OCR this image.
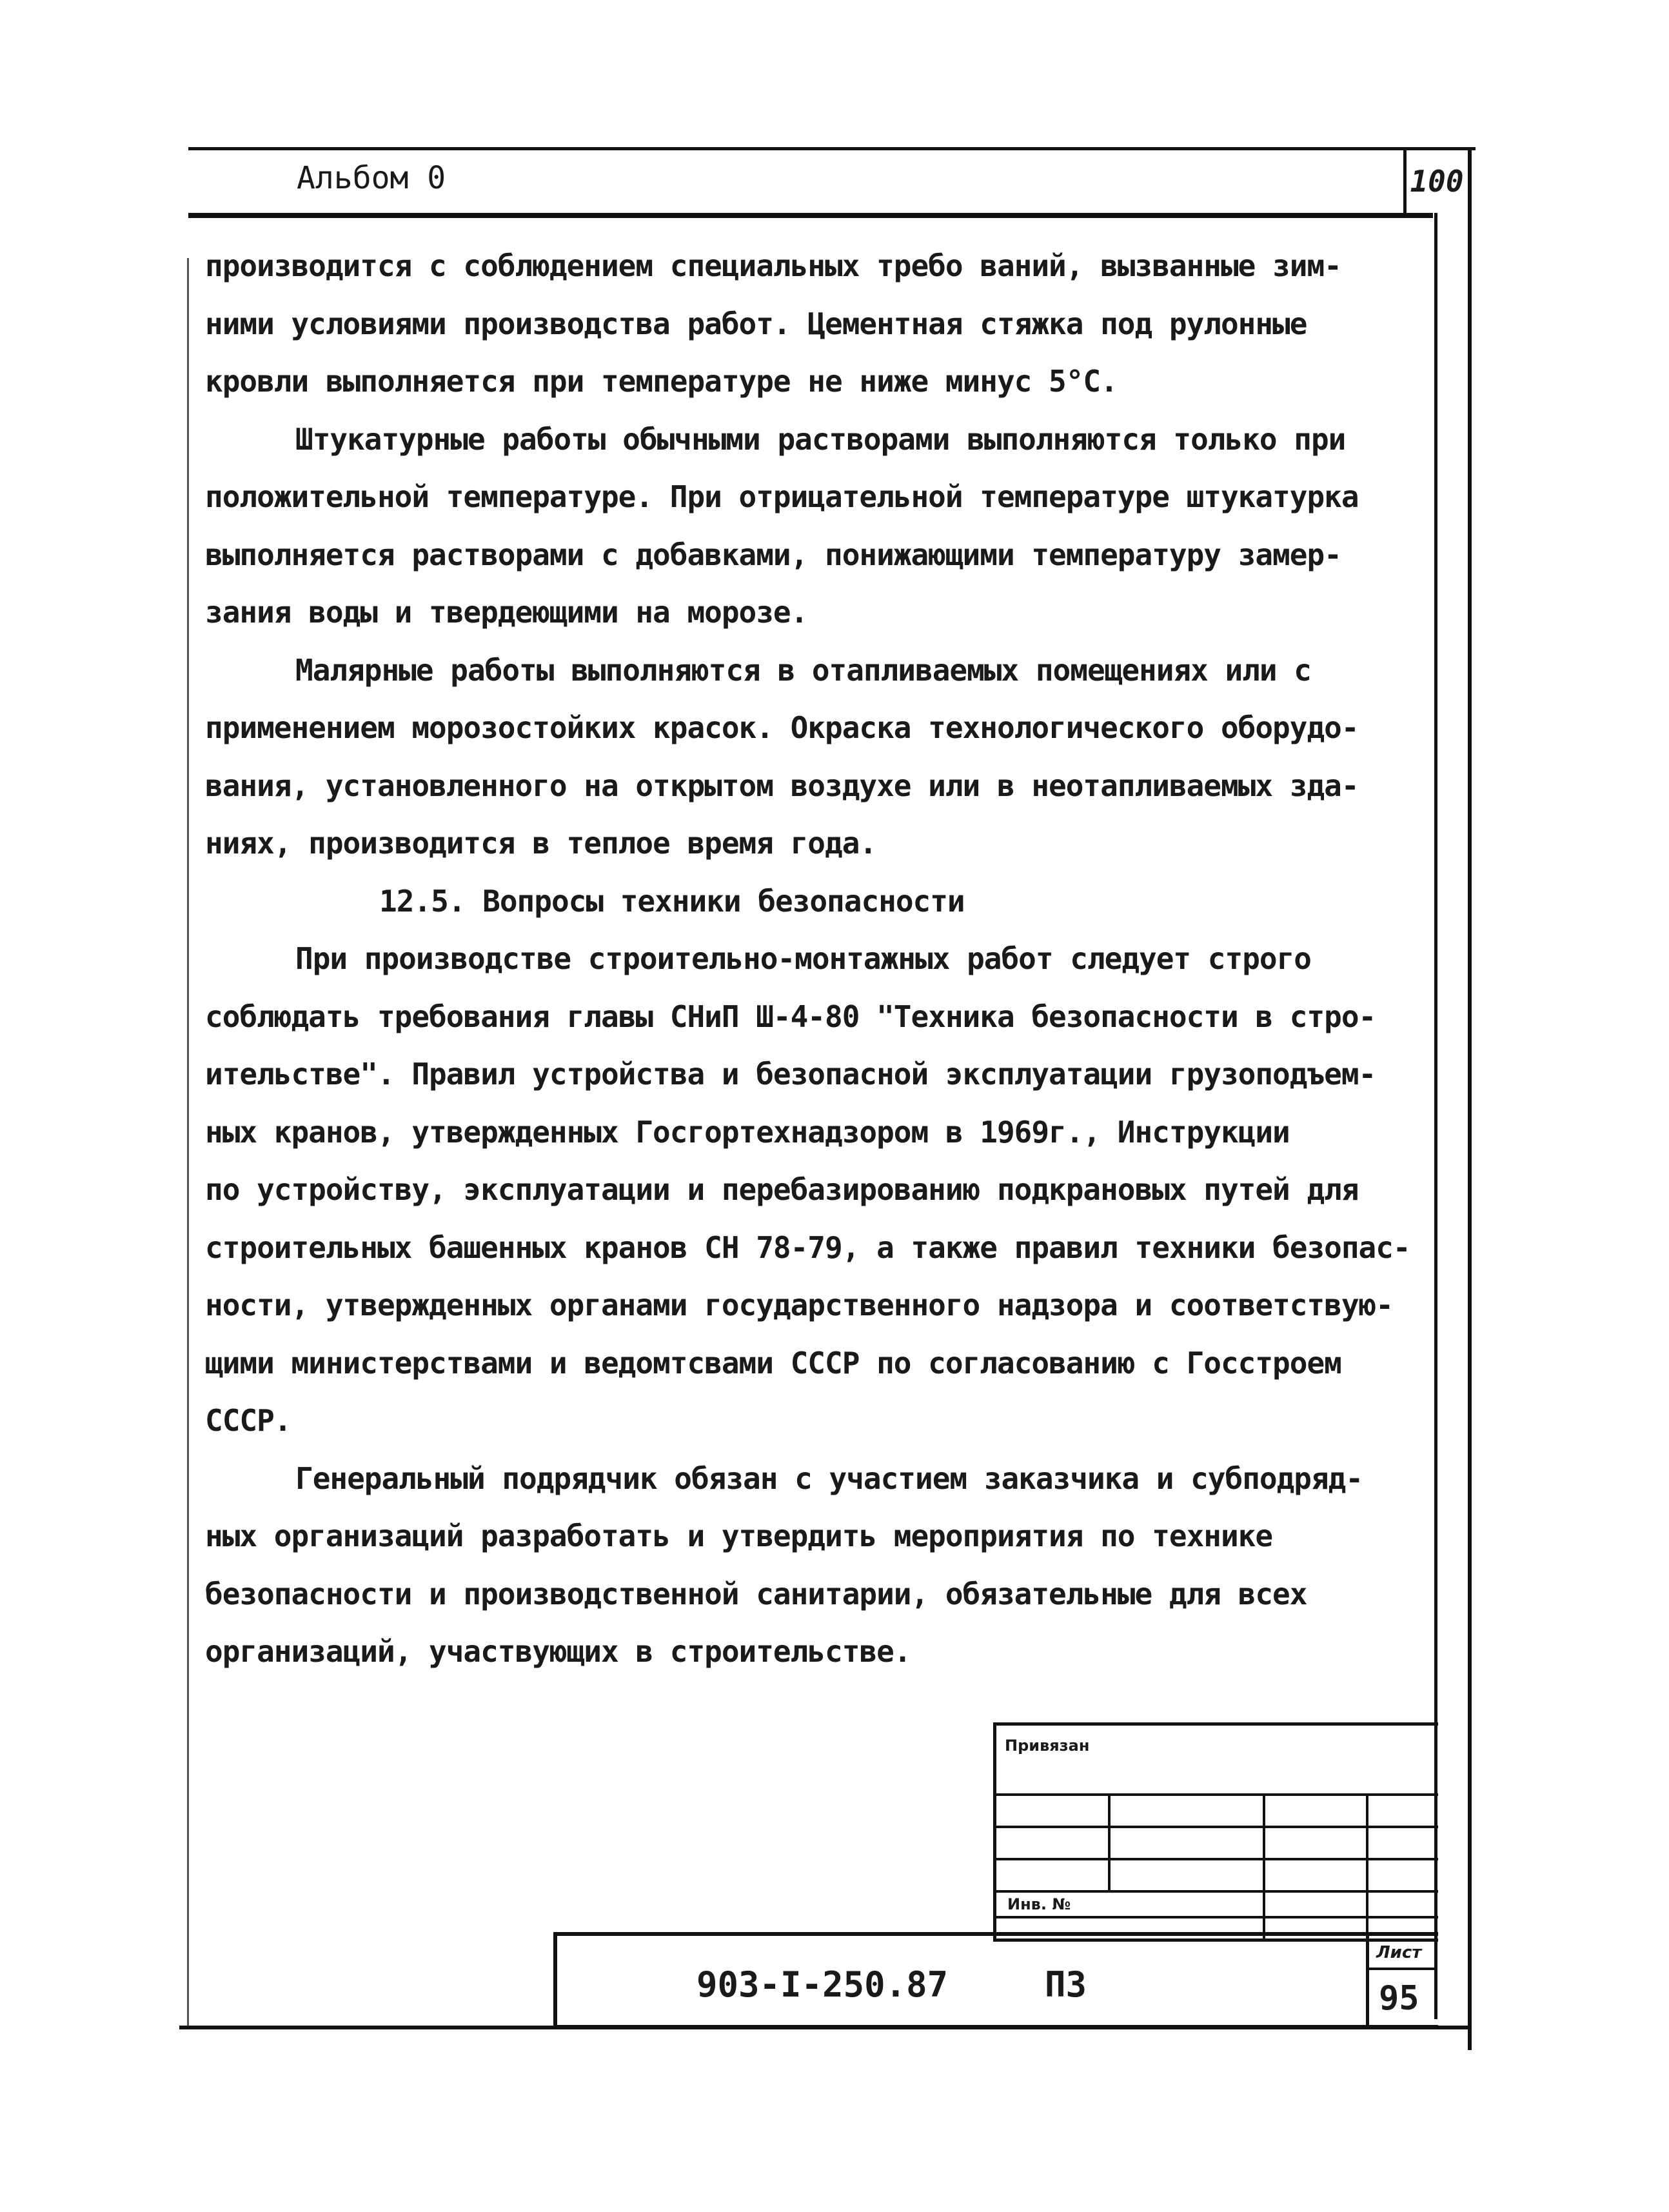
Альбом 0	100
производится с соблюдением специальных требо ваний, вызванные зим-
ними условиями производства работ. Цементная стяжка под рулонные
кровли выполняется при температуре не ниже минус 5°С.
Штукатурные работы обычными растворами выполняются только при
положительной температуре. При отрицательной температуре штукатурка
выполняется растворами с добавками, понижающими температуру замер-
зания воды и твердеющими на морозе.
Малярные работы выполняются в отапливаемых помещениях или с
применением морозостойких красок. Окраска технологического оборудо-
вания, установленного на открытом воздухе или в неотапливаемых зда-
ниях, производится в теплое время года.
12.5. Вопросы техники безопасности
При производстве строительно-монтажных работ следует строго
соблюдать требования главы СНиП Ш-4-80 "Техника безопасности в стро-
ительстве". Правил устройства и безопасной эксплуатации грузоподъем-
ных кранов, утвержденных Госгортехнадзором в 1969г., Инструкции
по устройству, эксплуатации и перебазированию подкрановых путей для
строительных башенных кранов СН 78-79, а также правил техники безопас-
ности, утвержденных органами государственного надзора и соответствую-
щими министерствами и ведомтсвами СССР по согласованию с Госстроем
СССР.
Генеральный подрядчик обязан с участием заказчика и субподряд-
ных организаций разработать и утвердить мероприятия по технике
безопасности и производственной санитарии, обязательные для всех
организаций, участвующих в строительстве.
Привязан
Инв. №
903-I-250.87	ПЗ
Лист
95
